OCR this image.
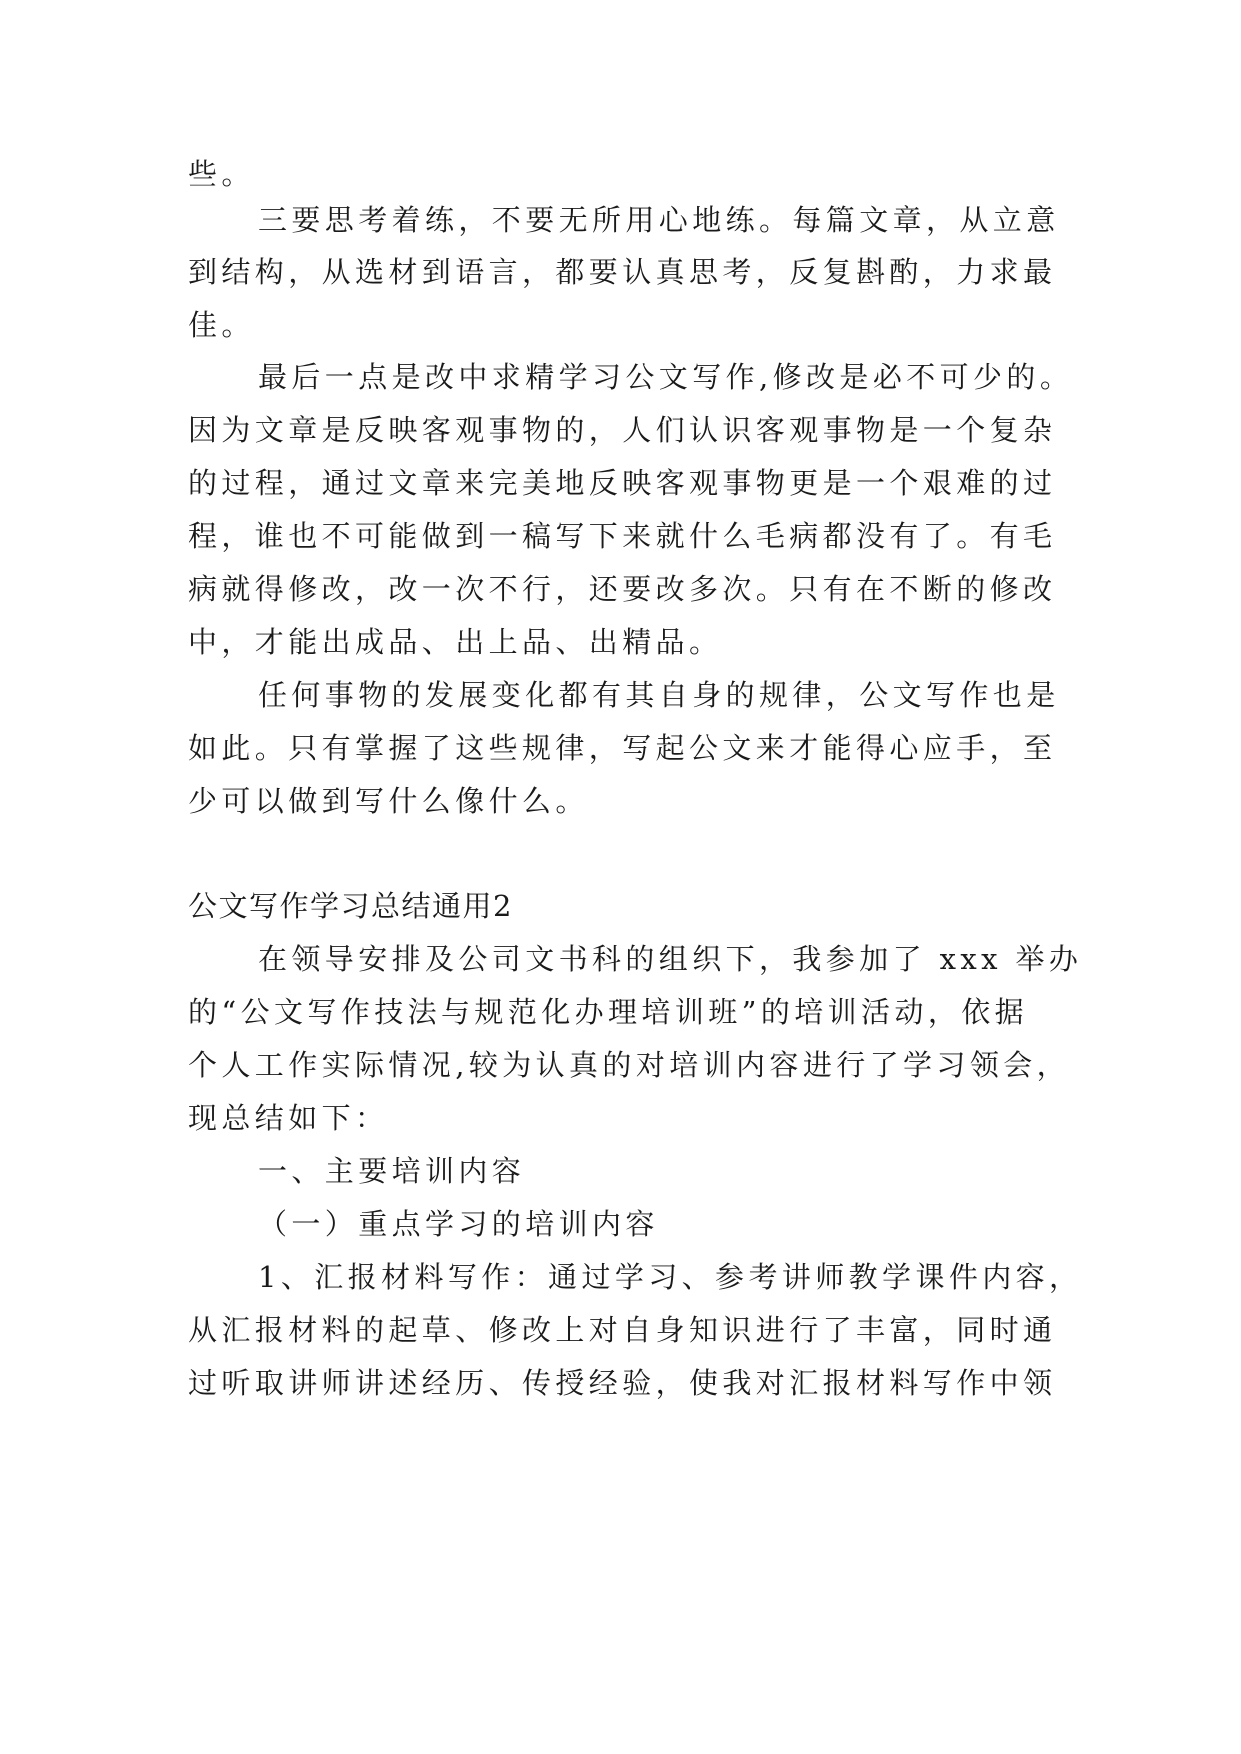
些。
三要思考着练，不要无所用心地练。每篇文章，从立意
到结构，从选材到语言，都要认真思考，反复斟酌，力求最
佳。
最后一点是改中求精学习公文写作,修改是必不可少的。
因为文章是反映客观事物的，人们认识客观事物是一个复杂
的过程，通过文章来完美地反映客观事物更是一个艰难的过
程，谁也不可能做到一稿写下来就什么毛病都没有了。有毛
病就得修改，改一次不行，还要改多次。只有在不断的修改
中，才能出成品、出上品、出精品。
任何事物的发展变化都有其自身的规律，公文写作也是
如此。只有掌握了这些规律，写起公文来才能得心应手，至
少可以做到写什么像什么。
公文写作学习总结通用2
在领导安排及公司文书科的组织下，我参加了 xxx 举办
的“公文写作技法与规范化办理培训班”的培训活动，依据
个人工作实际情况,较为认真的对培训内容进行了学习领会，
现总结如下：
一、主要培训内容
（一）重点学习的培训内容
1、汇报材料写作：通过学习、参考讲师教学课件内容，
从汇报材料的起草、修改上对自身知识进行了丰富，同时通
过听取讲师讲述经历、传授经验，使我对汇报材料写作中领
